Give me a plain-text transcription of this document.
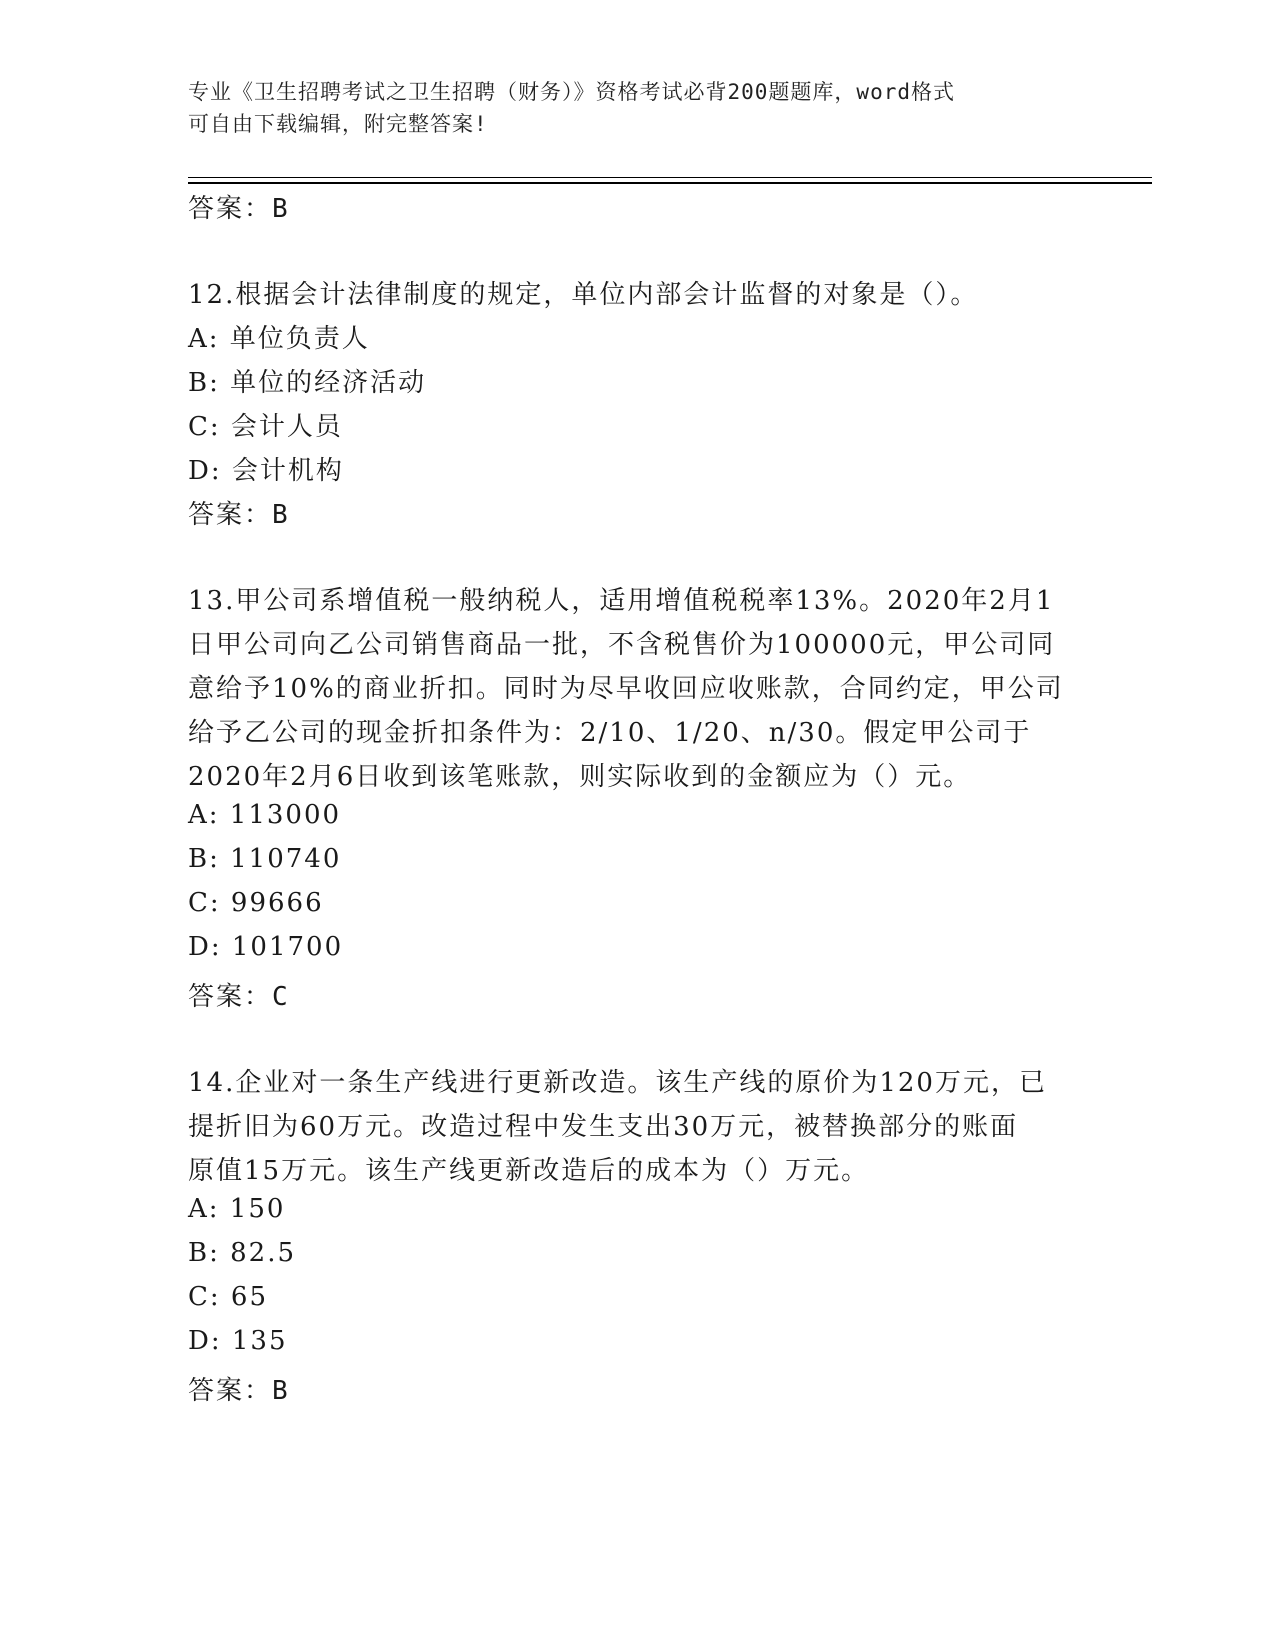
专业《卫生招聘考试之卫生招聘（财务）》资格考试必背200题题库，word格式
可自由下载编辑，附完整答案!
答案：B
12.根据会计法律制度的规定，单位内部会计监督的对象是（）。
A: 单位负责人
B: 单位的经济活动
C: 会计人员
D: 会计机构
答案：B
13.甲公司系增值税一般纳税人，适用增值税税率13%。2020年2月1
日甲公司向乙公司销售商品一批，不含税售价为100000元，甲公司同
意给予10%的商业折扣。同时为尽早收回应收账款，合同约定，甲公司
给予乙公司的现金折扣条件为：2/10、1/20、n/30。假定甲公司于
2020年2月6日收到该笔账款，则实际收到的金额应为（）元。
A: 113000
B: 110740
C: 99666
D: 101700
答案：C
14.企业对一条生产线进行更新改造。该生产线的原价为120万元，已
提折旧为60万元。改造过程中发生支出30万元，被替换部分的账面
原值15万元。该生产线更新改造后的成本为（）万元。
A: 150
B: 82.5
C: 65
D: 135
答案：B
